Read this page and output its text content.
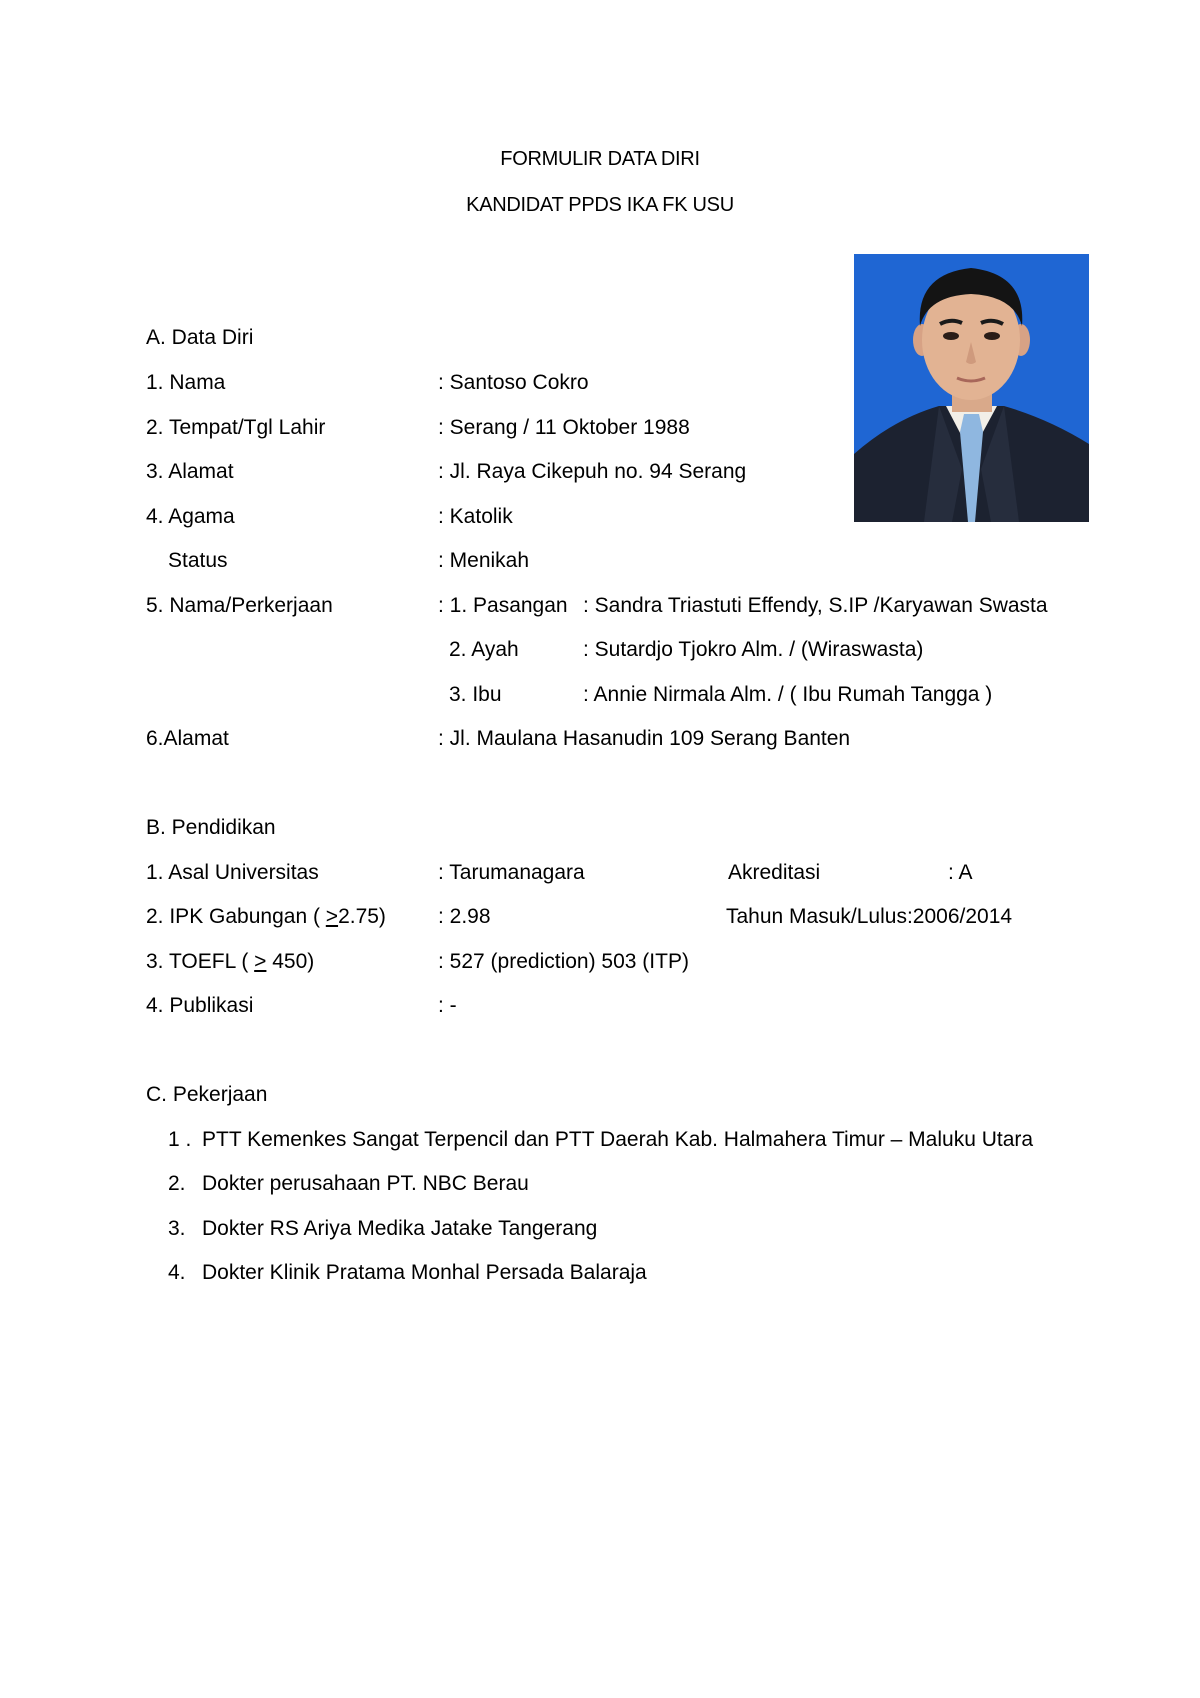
FORMULIR DATA DIRI
KANDIDAT PPDS IKA FK USU
A. Data Diri
1. Nama	: Santoso Cokro
2. Tempat/Tgl Lahir	: Serang / 11 Oktober 1988
3. Alamat	: Jl. Raya Cikepuh no. 94 Serang
4. Agama	: Katolik
Status	: Menikah
5. Nama/Perkerjaan	: 1. Pasangan : Sandra Triastuti Effendy, S.IP /Karyawan Swasta
2. Ayah	: Sutardjo Tjokro Alm. / (Wiraswasta)
3. Ibu	: Annie Nirmala Alm. / ( Ibu Rumah Tangga )
6.Alamat	: Jl. Maulana Hasanudin 109 Serang Banten
B. Pendidikan
1. Asal Universitas	: Tarumanagara	Akreditasi	: A
2. IPK Gabungan ( >2.75) : 2.98	Tahun Masuk/Lulus:2006/2014
3. TOEFL ( > 450)	: 527 (prediction) 503 (ITP)
4. Publikasi	: -
C. Pekerjaan
1 . PTT Kemenkes Sangat Terpencil dan PTT Daerah Kab. Halmahera Timur – Maluku Utara
2. Dokter perusahaan PT. NBC Berau
3. Dokter RS Ariya Medika Jatake Tangerang
4. Dokter Klinik Pratama Monhal Persada Balaraja
